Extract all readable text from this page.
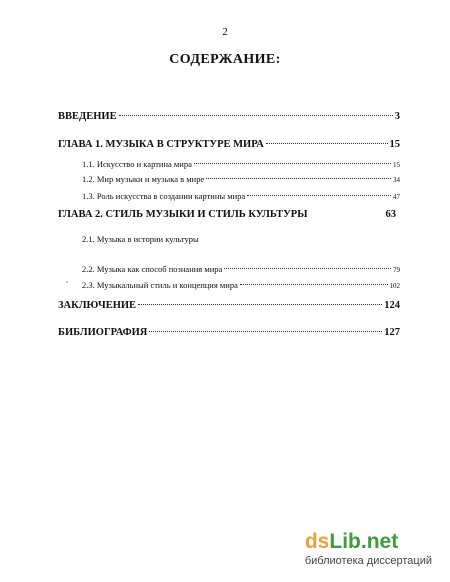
2
СОДЕРЖАНИЕ:
ВВЕДЕНИЕ	3
ГЛАВА 1. МУЗЫКА В СТРУКТУРЕ МИРА	15
1.1. Искусство и картина мира	15
1.2. Мир музыки и музыка в мире	34
1.3. Роль искусства в создании картины мира	47
ГЛАВА 2. СТИЛЬ МУЗЫКИ И СТИЛЬ КУЛЬТУРЫ	63
2.1. Музыка в истории культуры
2.2. Музыка как способ познания мира	79
2.3. Музыкальный стиль и концепция мира	102
ЗАКЛЮЧЕНИЕ	124
БИБЛИОГРАФИЯ	127
dsLib.net
библиотека диссертаций
